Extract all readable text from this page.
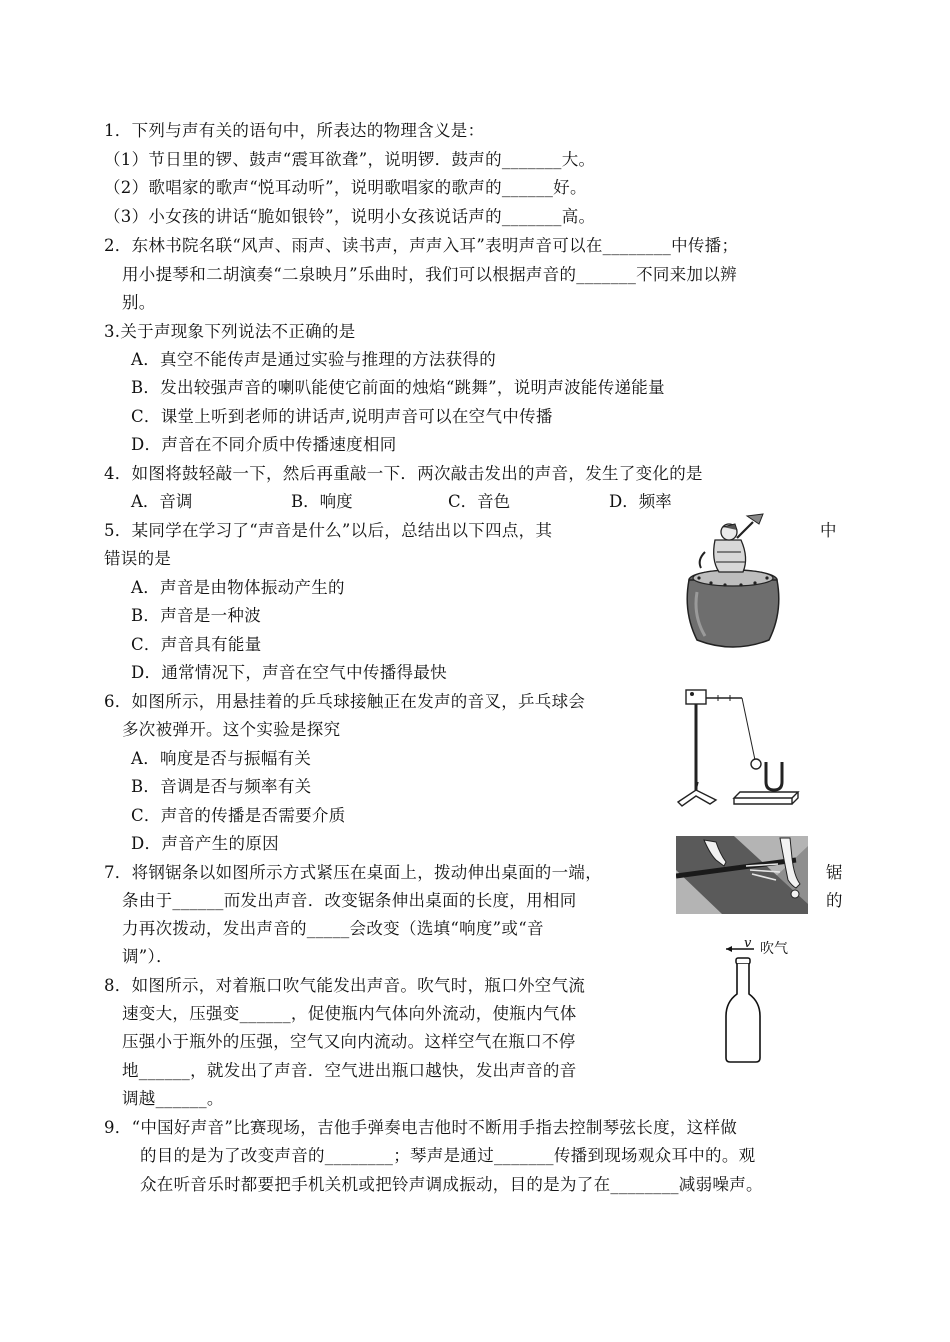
1．下列与声有关的语句中，所表达的物理含义是：
（1）节日里的锣、鼓声“震耳欲聋”，说明锣．鼓声的_______大。
（2）歌唱家的歌声“悦耳动听”，说明歌唱家的歌声的______好。
（3）小女孩的讲话“脆如银铃”，说明小女孩说话声的_______高。
2．东林书院名联“风声、雨声、读书声，声声入耳”表明声音可以在________中传播；
用小提琴和二胡演奏“二泉映月”乐曲时，我们可以根据声音的_______不同来加以辨
别。
3.关于声现象下列说法不正确的是
A．真空不能传声是通过实验与推理的方法获得的
B．发出较强声音的喇叭能使它前面的烛焰“跳舞”，说明声波能传递能量
C．课堂上听到老师的讲话声,说明声音可以在空气中传播
D．声音在不同介质中传播速度相同
4．如图将鼓轻敲一下，然后再重敲一下．两次敲击发出的声音，发生了变化的是
A．音调	B．响度	C．音色	D．频率
5．某同学在学习了“声音是什么”以后，总结出以下四点，其	中
错误的是
A．声音是由物体振动产生的
B．声音是一种波
C．声音具有能量
D．通常情况下，声音在空气中传播得最快
6．如图所示，用悬挂着的乒乓球接触正在发声的音叉，乒乓球会
多次被弹开。这个实验是探究
A．响度是否与振幅有关
B．音调是否与频率有关
C．声音的传播是否需要介质
D．声音产生的原因
7．将钢锯条以如图所示方式紧压在桌面上，拨动伸出桌面的一端，	锯
条由于______而发出声音．改变锯条伸出桌面的长度，用相同	的
力再次拨动，发出声音的_____会改变（选填“响度”或“音
调”）．
8．如图所示，对着瓶口吹气能发出声音。吹气时，瓶口外空气流
速变大，压强变______，促使瓶内气体向外流动，使瓶内气体
压强小于瓶外的压强，空气又向内流动。这样空气在瓶口不停
地______，就发出了声音．空气进出瓶口越快，发出声音的音
调越______。
9．“中国好声音”比赛现场，吉他手弹奏电吉他时不断用手指去控制琴弦长度，这样做
的目的是为了改变声音的________；琴声是通过_______传播到现场观众耳中的。观
众在听音乐时都要把手机关机或把铃声调成振动，目的是为了在________减弱噪声。
v 吹气
